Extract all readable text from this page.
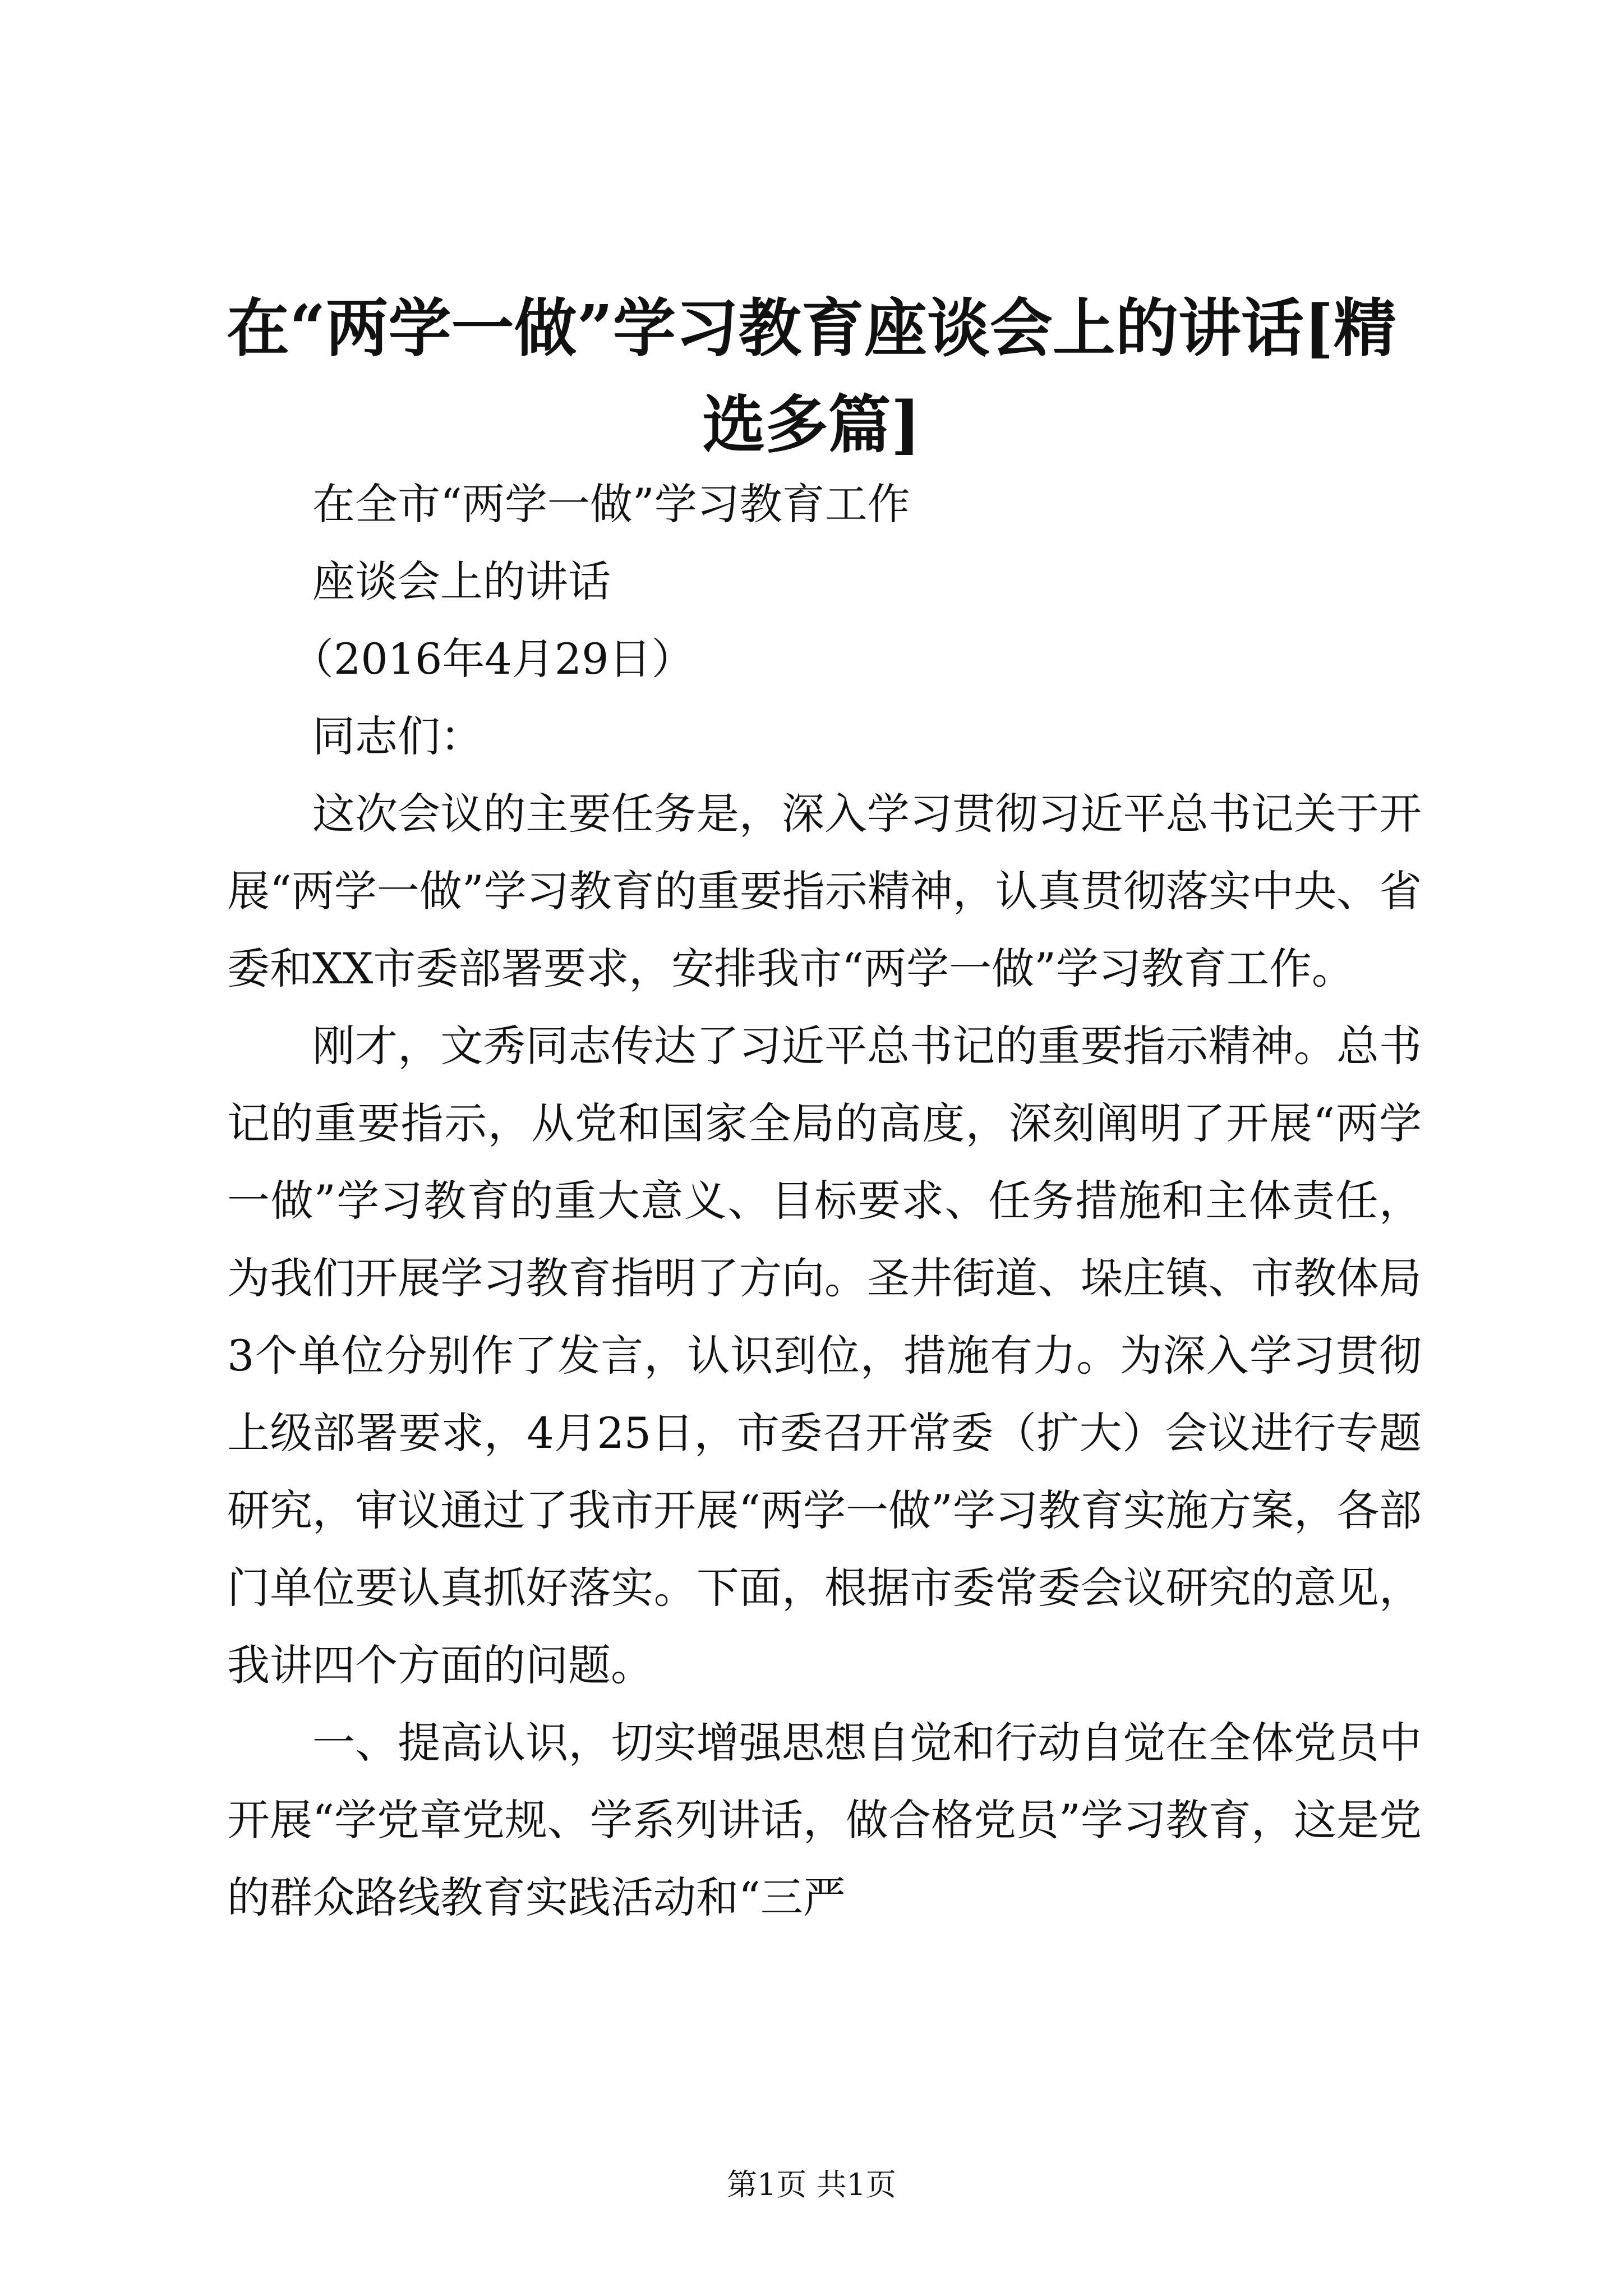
在“两学一做”学习教育座谈会上的讲话[精选多篇]

在全市“两学一做”学习教育工作

座谈会上的讲话

（2016年4月29日）

同志们：

这次会议的主要任务是，深入学习贯彻习近平总书记关于开展“两学一做”学习教育的重要指示精神，认真贯彻落实中央、省委和XX市委部署要求，安排我市“两学一做”学习教育工作。

刚才，文秀同志传达了习近平总书记的重要指示精神。总书记的重要指示，从党和国家全局的高度，深刻阐明了开展“两学一做”学习教育的重大意义、目标要求、任务措施和主体责任，为我们开展学习教育指明了方向。圣井街道、垛庄镇、市教体局3个单位分别作了发言，认识到位，措施有力。为深入学习贯彻上级部署要求，4月25日，市委召开常委（扩大）会议进行专题研究，审议通过了我市开展“两学一做”学习教育实施方案，各部门单位要认真抓好落实。下面，根据市委常委会议研究的意见，我讲四个方面的问题。

一、提高认识，切实增强思想自觉和行动自觉在全体党员中开展“学党章党规、学系列讲话，做合格党员”学习教育，这是党的群众路线教育实践活动和“三严

第1页 共1页
